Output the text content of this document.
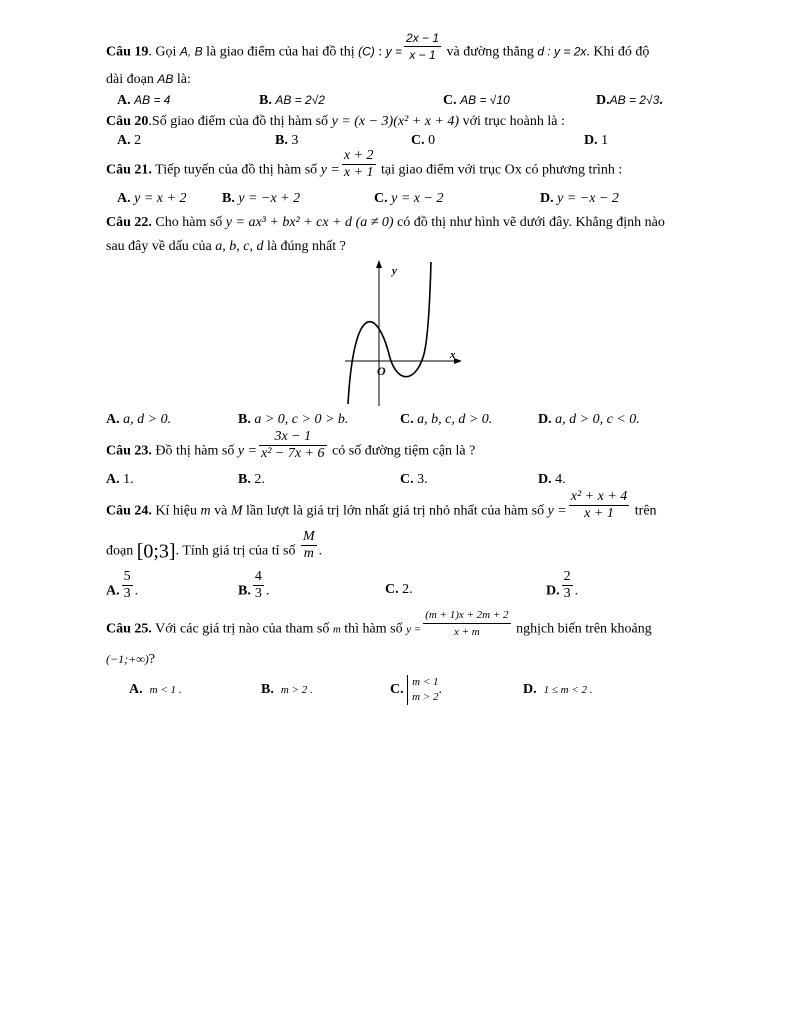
Câu 19. Gọi A, B là giao điểm của hai đồ thị (C) : $y = \frac{2x - 1}{x - 1}$ và đường thẳng d : y = 2x. Khi đó độ
dài đoạn AB là:
A. AB = 4	B. AB = 2√2	C. AB = √10	D.AB = 2√3.
Câu 20.Số giao điểm của đồ thị hàm số y = (x − 3)(x² + x + 4) với trục hoành là :
A. 2	B. 3	C. 0	D. 1
Câu 21. Tiếp tuyến của đồ thị hàm số $y = \frac{x + 2}{x + 1}$ tại giao điểm với trục Ox có phương trình :
A. y = x + 2	B. y = −x + 2	C. y = x − 2	D. y = −x − 2
Câu 22. Cho hàm số y = ax³ + bx² + cx + d (a ≠ 0) có đồ thị như hình vẽ dưới đây. Khẳng định nào
sau đây về dấu của a, b, c, d là đúng nhất ?
y
x
O
A. a, d > 0.	B. a > 0, c > 0 > b.	C. a, b, c, d > 0.	D. a, d > 0, c < 0.
Câu 23. Đồ thị hàm số $y = \frac{3x - 1}{\text{x² − 7x + 6}}$ có số đường tiệm cận là ?
A. 1.	B. 2.	C. 3.	D. 4.
Câu 24. Kí hiệu m và M lần lượt là giá trị lớn nhất giá trị nhỏ nhất của hàm số $y = \frac{\text{x² + x + 4}}{x + 1}$ trên
đoạn [0;3]. Tính giá trị của tỉ số $\frac{M}{m}$ .
A. $\frac{5}{3}$ .	B. $\frac{4}{3}$ .	C. 2.	D. $\frac{2}{3}$ .
Câu 25. Với các giá trị nào của tham số m thì hàm số $y = \frac{(m + 1)x + 2m + 2}{x + m}$ nghịch biến trên khoảng
(−1;+∞)?
A. m < 1 .	B. m > 2 .	C.
m < 1
m > 2 .	D. 1 ≤ m < 2 .
